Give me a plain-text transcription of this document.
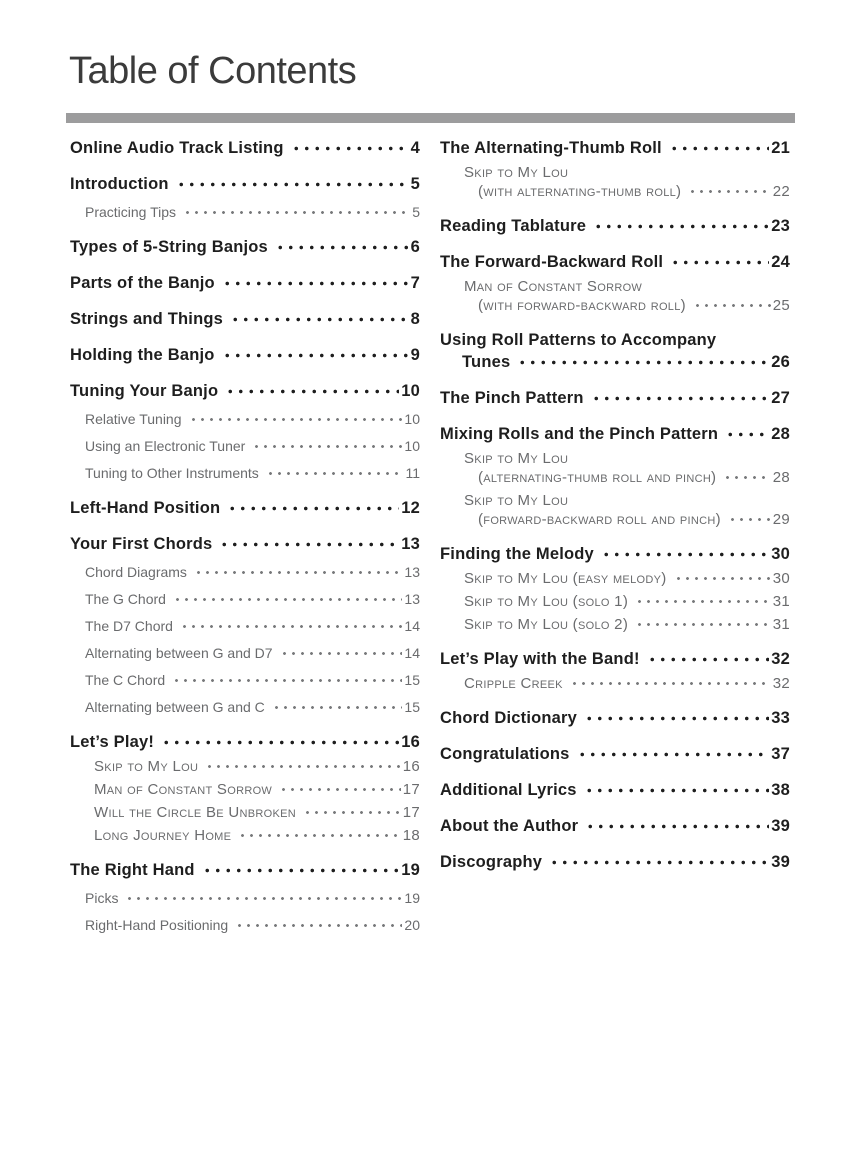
Table of Contents
Online Audio Track Listing	4
Introduction	5
Practicing Tips	5
Types of 5-String Banjos	6
Parts of the Banjo	7
Strings and Things	8
Holding the Banjo	9
Tuning Your Banjo	10
Relative Tuning	10
Using an Electronic Tuner	10
Tuning to Other Instruments	11
Left-Hand Position	12
Your First Chords	13
Chord Diagrams	13
The G Chord	13
The D7 Chord	14
Alternating between G and D7	14
The C Chord	15
Alternating between G and C	15
Let’s Play!	16
Skip to My Lou	16
Man of Constant Sorrow	17
Will the Circle Be Unbroken	17
Long Journey Home	18
The Right Hand	19
Picks	19
Right-Hand Positioning	20
The Alternating-Thumb Roll	21
Skip to My Lou
(with alternating-thumb roll)	22
Reading Tablature	23
The Forward-Backward Roll	24
Man of Constant Sorrow
(with forward-backward roll)	25
Using Roll Patterns to Accompany
Tunes	26
The Pinch Pattern	27
Mixing Rolls and the Pinch Pattern	28
Skip to My Lou
(alternating-thumb roll and pinch)	28
Skip to My Lou
(forward-backward roll and pinch)	29
Finding the Melody	30
Skip to My Lou (easy melody)	30
Skip to My Lou (solo 1)	31
Skip to My Lou (solo 2)	31
Let’s Play with the Band!	32
Cripple Creek	32
Chord Dictionary	33
Congratulations	37
Additional Lyrics	38
About the Author	39
Discography	39
